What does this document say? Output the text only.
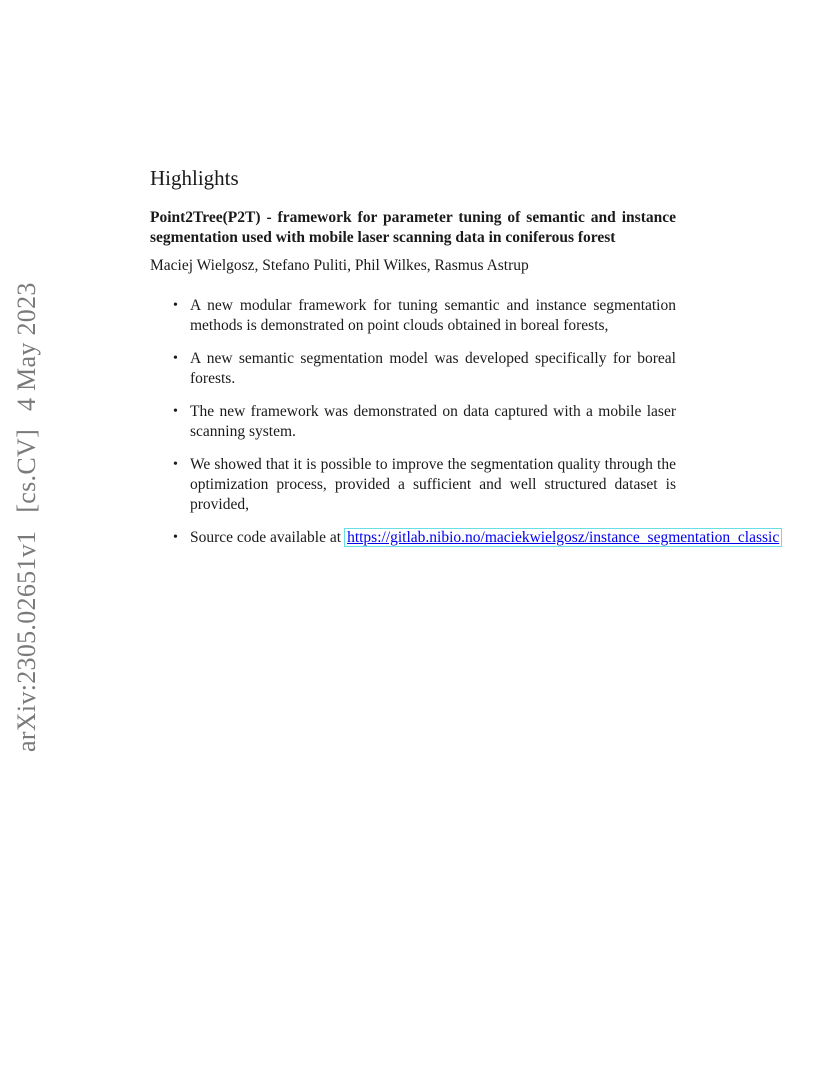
arXiv:2305.02651v1[cs.CV]4 May 2023
Highlights
Point2Tree(P2T) - framework for parameter tuning of semantic and instance segmentation used with mobile laser scanning data in coniferous forest
Maciej Wielgosz, Stefano Puliti, Phil Wilkes, Rasmus Astrup
• A new modular framework for tuning semantic and instance segmentation methods is demonstrated on point clouds obtained in boreal forests,
• A new semantic segmentation model was developed specifically for boreal forests.
• The new framework was demonstrated on data captured with a mobile laser scanning system.
• We showed that it is possible to improve the segmentation quality through the optimization process, provided a sufficient and well structured dataset is provided,
• Source code available at https://gitlab.nibio.no/maciekwielgosz/instance_segmentation_classic
